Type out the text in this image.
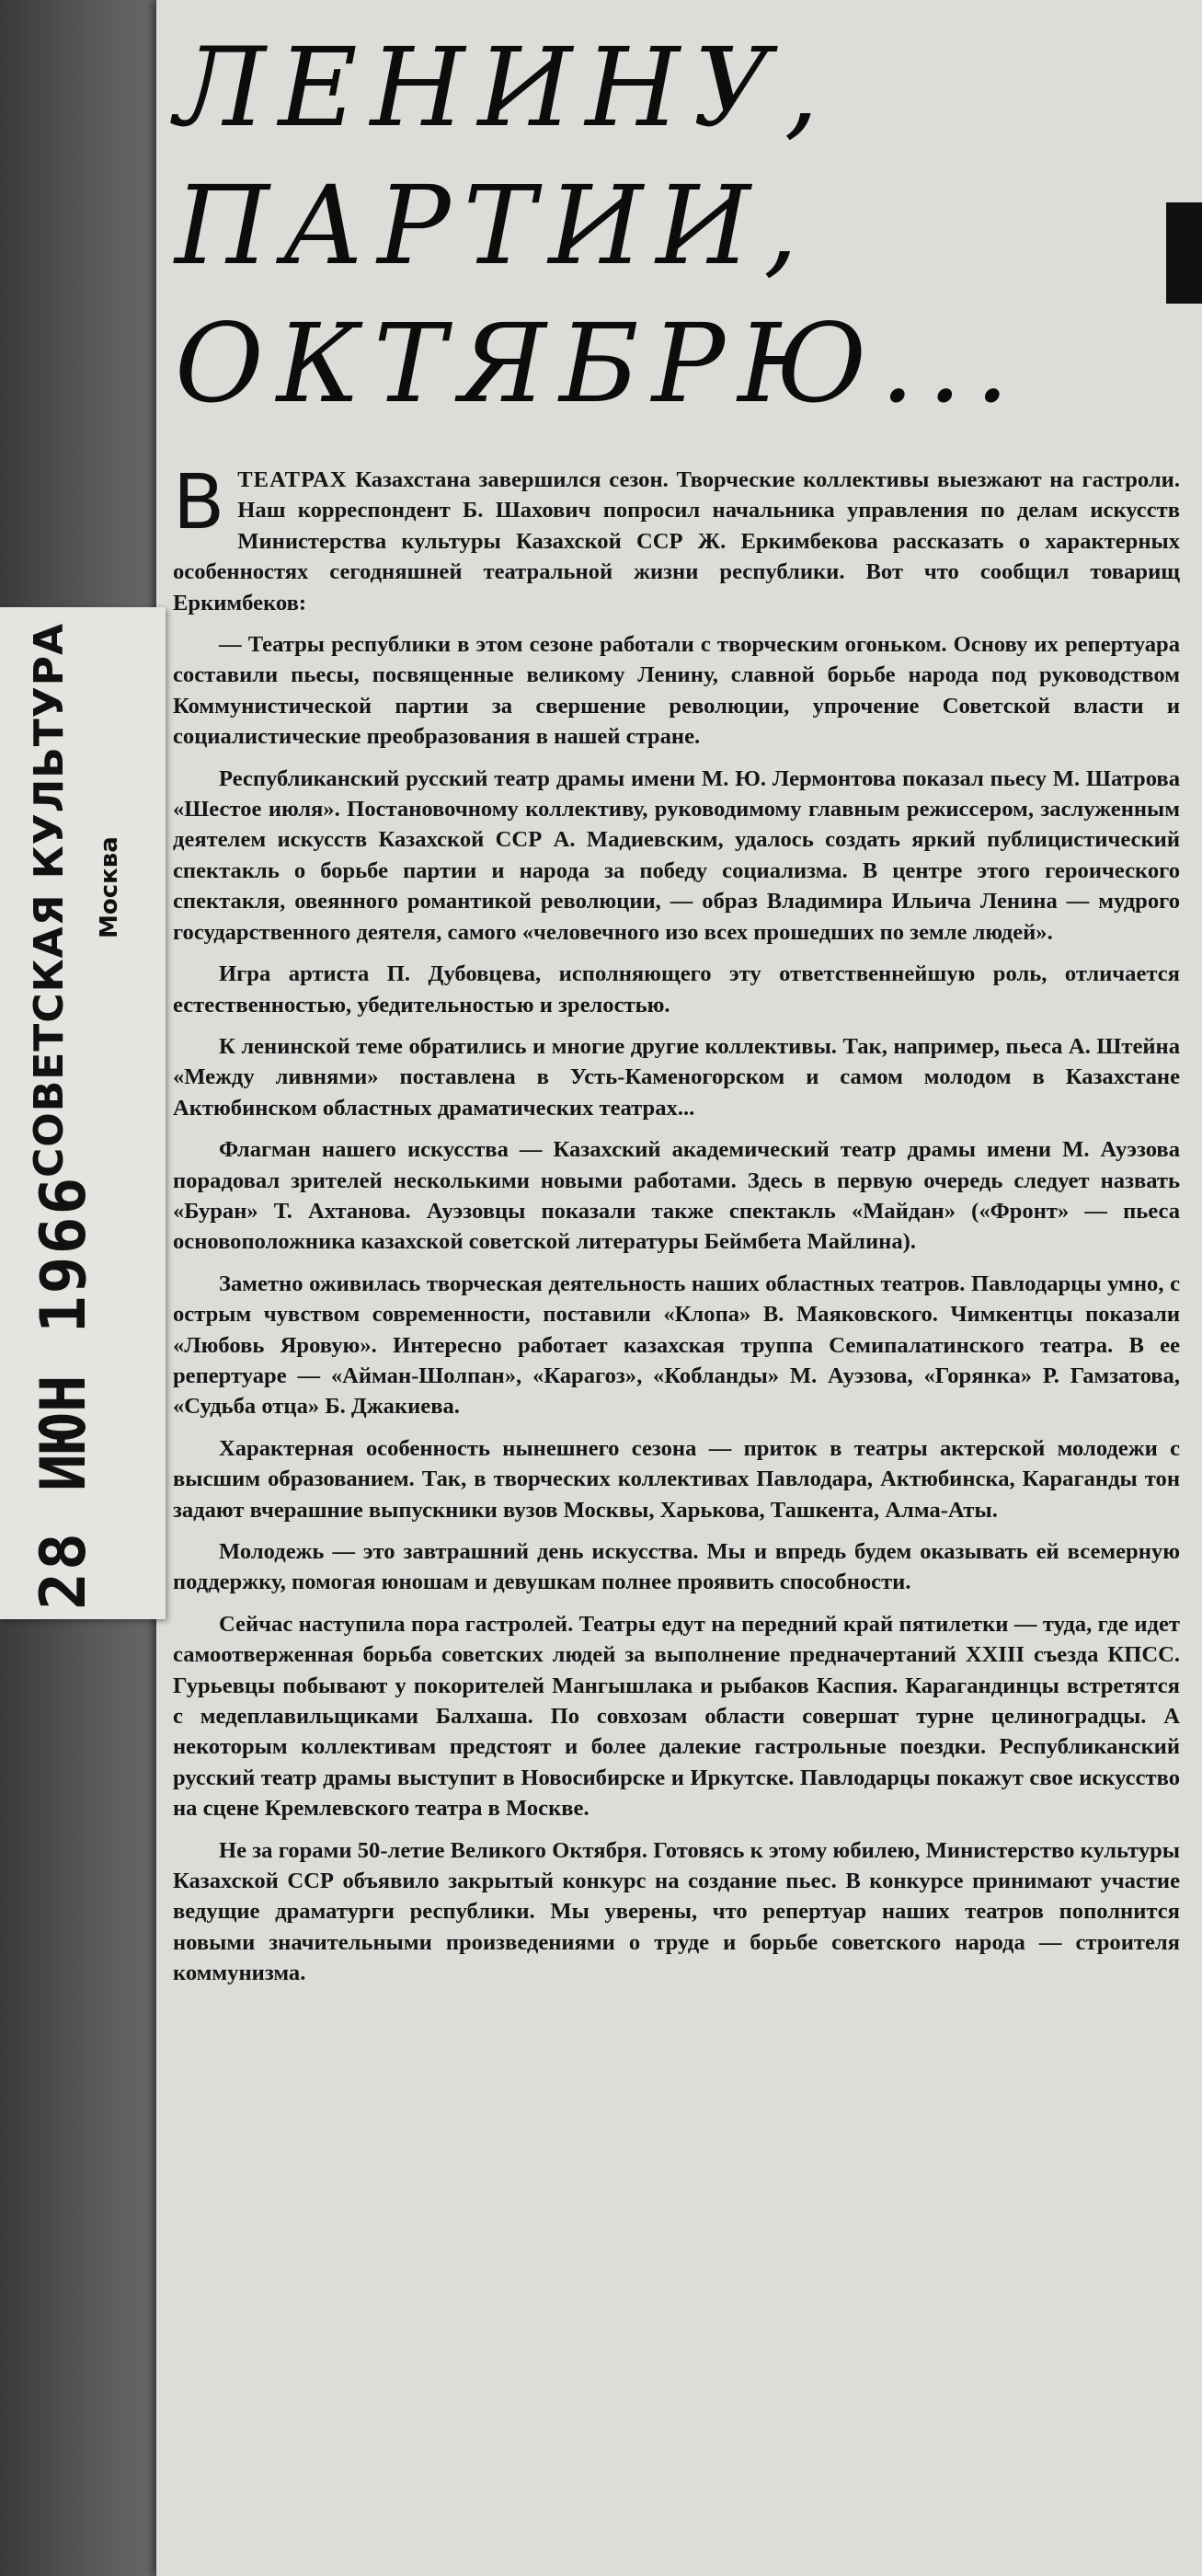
СОВЕТСКАЯ КУЛЬТУРА Москва
28 ИЮН 1966
ЛЕНИНУ,
ПАРТИИ,
ОКТЯБРЮ...

В ТЕАТРАХ Казахстана завершился сезон. Творческие коллективы выезжают на гастроли. Наш корреспондент Б. Шахович попросил начальника управления по делам искусств Министерства культуры Казахской ССР Ж. Еркимбекова рассказать о характерных особенностях сегодняшней театральной жизни республики. Вот что сообщил товарищ Еркимбеков:

— Театры республики в этом сезоне работали с творческим огоньком. Основу их репертуара составили пьесы, посвященные великому Ленину, славной борьбе народа под руководством Коммунистической партии за свершение революции, упрочение Советской власти и социалистические преобразования в нашей стране.

Республиканский русский театр драмы имени М. Ю. Лермонтова показал пьесу М. Шатрова «Шестое июля». Постановочному коллективу, руководимому главным режиссером, заслуженным деятелем искусств Казахской ССР А. Мадиевским, удалось создать яркий публицистический спектакль о борьбе партии и народа за победу социализма. В центре этого героического спектакля, овеянного романтикой революции, — образ Владимира Ильича Ленина — мудрого государственного деятеля, самого «человечного изо всех прошедших по земле людей».

Игра артиста П. Дубовцева, исполняющего эту ответственнейшую роль, отличается естественностью, убедительностью и зрелостью.

К ленинской теме обратились и многие другие коллективы. Так, например, пьеса А. Штейна «Между ливнями» поставлена в Усть-Каменогорском и самом молодом в Казахстане Актюбинском областных драматических театрах...

Флагман нашего искусства — Казахский академический театр драмы имени М. Ауэзова порадовал зрителей несколькими новыми работами. Здесь в первую очередь следует назвать «Буран» Т. Ахтанова. Ауэзовцы показали также спектакль «Майдан» («Фронт» — пьеса основоположника казахской советской литературы Беймбета Майлина).

Заметно оживилась творческая деятельность наших областных театров. Павлодарцы умно, с острым чувством современности, поставили «Клопа» В. Маяковского. Чимкентцы показали «Любовь Яровую». Интересно работает казахская труппа Семипалатинского театра. В ее репертуаре — «Айман-Шолпан», «Карагоз», «Кобланды» М. Ауэзова, «Горянка» Р. Гамзатова, «Судьба отца» Б. Джакиева.

Характерная особенность нынешнего сезона — приток в театры актерской молодежи с высшим образованием. Так, в творческих коллективах Павлодара, Актюбинска, Караганды тон задают вчерашние выпускники вузов Москвы, Харькова, Ташкента, Алма-Аты.

Молодежь — это завтрашний день искусства. Мы и впредь будем оказывать ей всемерную поддержку, помогая юношам и девушкам полнее проявить способности.

Сейчас наступила пора гастролей. Театры едут на передний край пятилетки — туда, где идет самоотверженная борьба советских людей за выполнение предначертаний XXIII съезда КПСС. Гурьевцы побывают у покорителей Мангышлака и рыбаков Каспия. Карагандинцы встретятся с медеплавильщиками Балхаша. По совхозам области совершат турне целиноградцы. А некоторым коллективам предстоят и более далекие гастрольные поездки. Республиканский русский театр драмы выступит в Новосибирске и Иркутске. Павлодарцы покажут свое искусство на сцене Кремлевского театра в Москве.

Не за горами 50-летие Великого Октября. Готовясь к этому юбилею, Министерство культуры Казахской ССР объявило закрытый конкурс на создание пьес. В конкурсе принимают участие ведущие драматурги республики. Мы уверены, что репертуар наших театров пополнится новыми значительными произведениями о труде и борьбе советского народа — строителя коммунизма.
